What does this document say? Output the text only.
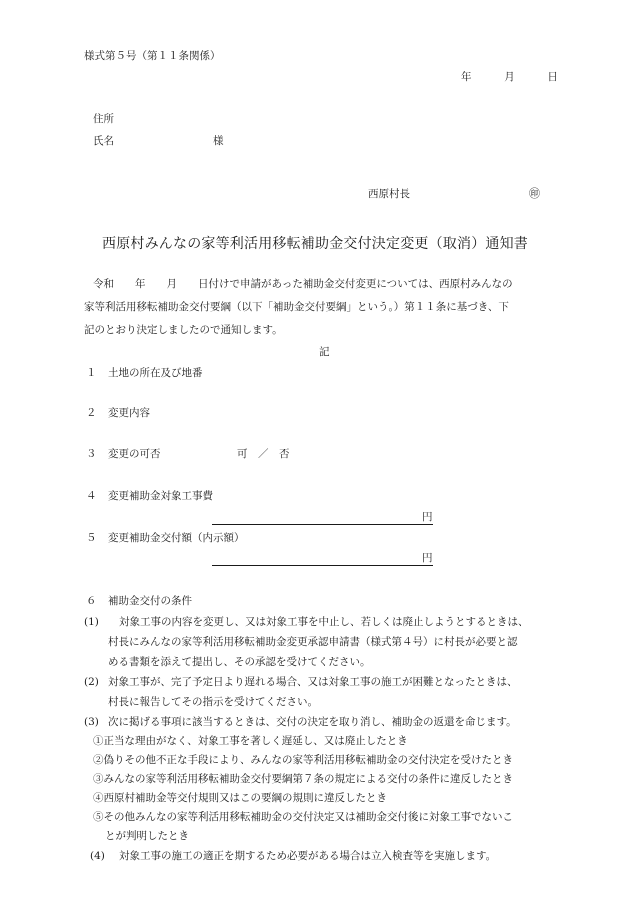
様式第５号（第１１条関係）
年	月	日
住所
氏名	様
西原村長	㊞
西原村みんなの家等利活用移転補助金交付決定変更（取消）通知書
令和　　年　　月　　日付けで申請があった補助金交付変更については、西原村みんなの
家等利活用移転補助金交付要綱（以下「補助金交付要綱」という。）第１１条に基づき、下
記のとおり決定しましたので通知します。
記
１ 土地の所在及び地番
２ 変更内容
３ 変更の可否	可　／　否
４ 変更補助金対象工事費
円
５ 変更補助金交付額（内示額）
円
６ 補助金交付の条件
(1) 対象工事の内容を変更し、又は対象工事を中止し、若しくは廃止しようとするときは、
村長にみんなの家等利活用移転補助金変更承認申請書（様式第４号）に村長が必要と認
める書類を添えて提出し、その承認を受けてください。
(2) 対象工事が、完了予定日より遅れる場合、又は対象工事の施工が困難となったときは、
村長に報告してその指示を受けてください。
(3) 次に掲げる事項に該当するときは、交付の決定を取り消し、補助金の返還を命じます。
①正当な理由がなく、対象工事を著しく遅延し、又は廃止したとき
②偽りその他不正な手段により、みんなの家等利活用移転補助金の交付決定を受けたとき
③みんなの家等利活用移転補助金交付要綱第７条の規定による交付の条件に違反したとき
④西原村補助金等交付規則又はこの要綱の規則に違反したとき
⑤その他みんなの家等利活用移転補助金の交付決定又は補助金交付後に対象工事でないこ
とが判明したとき
(4) 対象工事の施工の適正を期するため必要がある場合は立入検査等を実施します。
